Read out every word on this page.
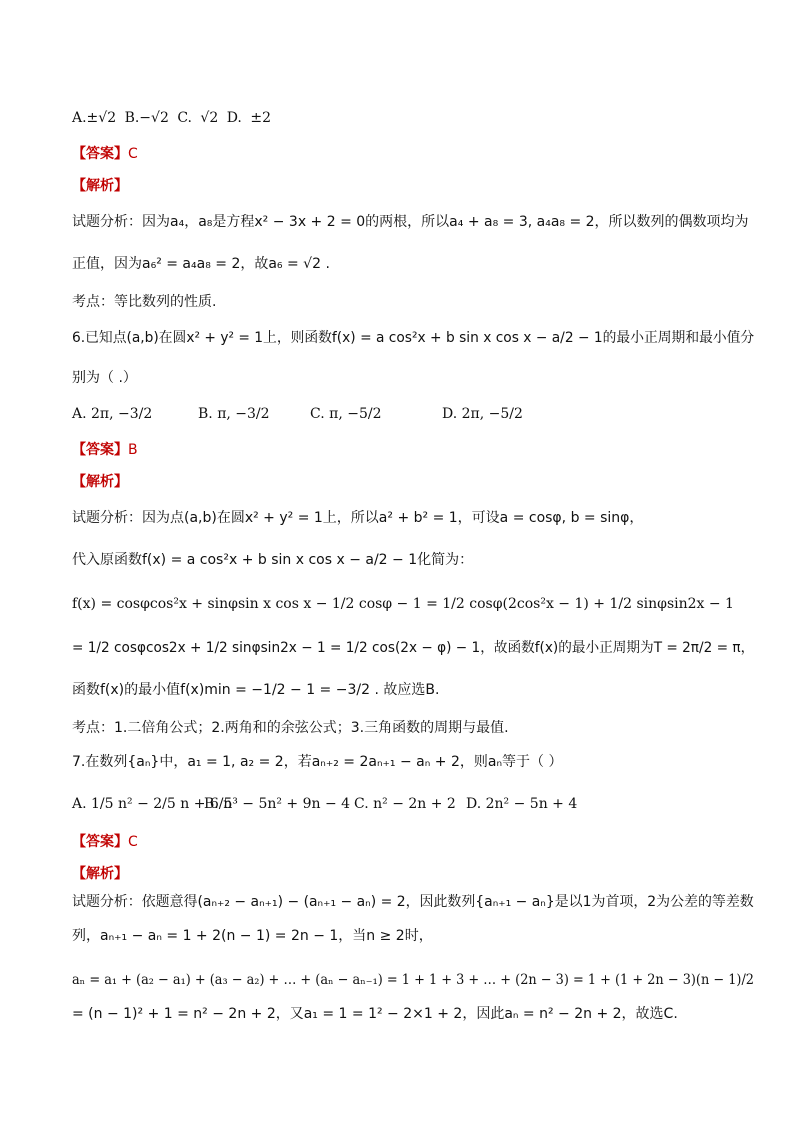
A.±√2 B.−√2 C. √2 D. ±2
【答案】C
【解析】
试题分析：因为a₄，a₈是方程x² − 3x + 2 = 0的两根，所以a₄ + a₈ = 3, a₄a₈ = 2，所以数列的偶数项均为
正值，因为a₆² = a₄a₈ = 2，故a₆ = √2 .
考点：等比数列的性质.
6.已知点(a,b)在圆x² + y² = 1上，则函数f(x) = a cos²x + b sin x cos x − a/2 − 1的最小正周期和最小值分
别为（ .）
A. 2π, −3/2	B. π, −3/2	C. π, −5/2	D. 2π, −5/2
【答案】B
【解析】
试题分析：因为点(a,b)在圆x² + y² = 1上，所以a² + b² = 1，可设a = cosφ, b = sinφ，
代入原函数f(x) = a cos²x + b sin x cos x − a/2 − 1化简为：
f(x) = cosφcos²x + sinφsin x cos x − 1/2 cosφ − 1 = 1/2 cosφ(2cos²x − 1) + 1/2 sinφsin2x − 1
= 1/2 cosφcos2x + 1/2 sinφsin2x − 1 = 1/2 cos(2x − φ) − 1，故函数f(x)的最小正周期为T = 2π/2 = π，
函数f(x)的最小值f(x)min = −1/2 − 1 = −3/2 . 故应选B.
考点：1.二倍角公式；2.两角和的余弦公式；3.三角函数的周期与最值.
7.在数列{aₙ}中，a₁ = 1, a₂ = 2，若aₙ₊₂ = 2aₙ₊₁ − aₙ + 2，则aₙ等于（ ）
A. 1/5 n² − 2/5 n + 6/5
B. n³ − 5n² + 9n − 4 C. n² − 2n + 2 D. 2n² − 5n + 4
【答案】C
【解析】
试题分析：依题意得(aₙ₊₂ − aₙ₊₁) − (aₙ₊₁ − aₙ) = 2，因此数列{aₙ₊₁ − aₙ}是以1为首项，2为公差的等差数
列，aₙ₊₁ − aₙ = 1 + 2(n − 1) = 2n − 1，当n ≥ 2时，
aₙ = a₁ + (a₂ − a₁) + (a₃ − a₂) + … + (aₙ − aₙ₋₁) = 1 + 1 + 3 + … + (2n − 3) = 1 + (1 + 2n − 3)(n − 1)/2
= (n − 1)² + 1 = n² − 2n + 2，又a₁ = 1 = 1² − 2×1 + 2，因此aₙ = n² − 2n + 2，故选C.
